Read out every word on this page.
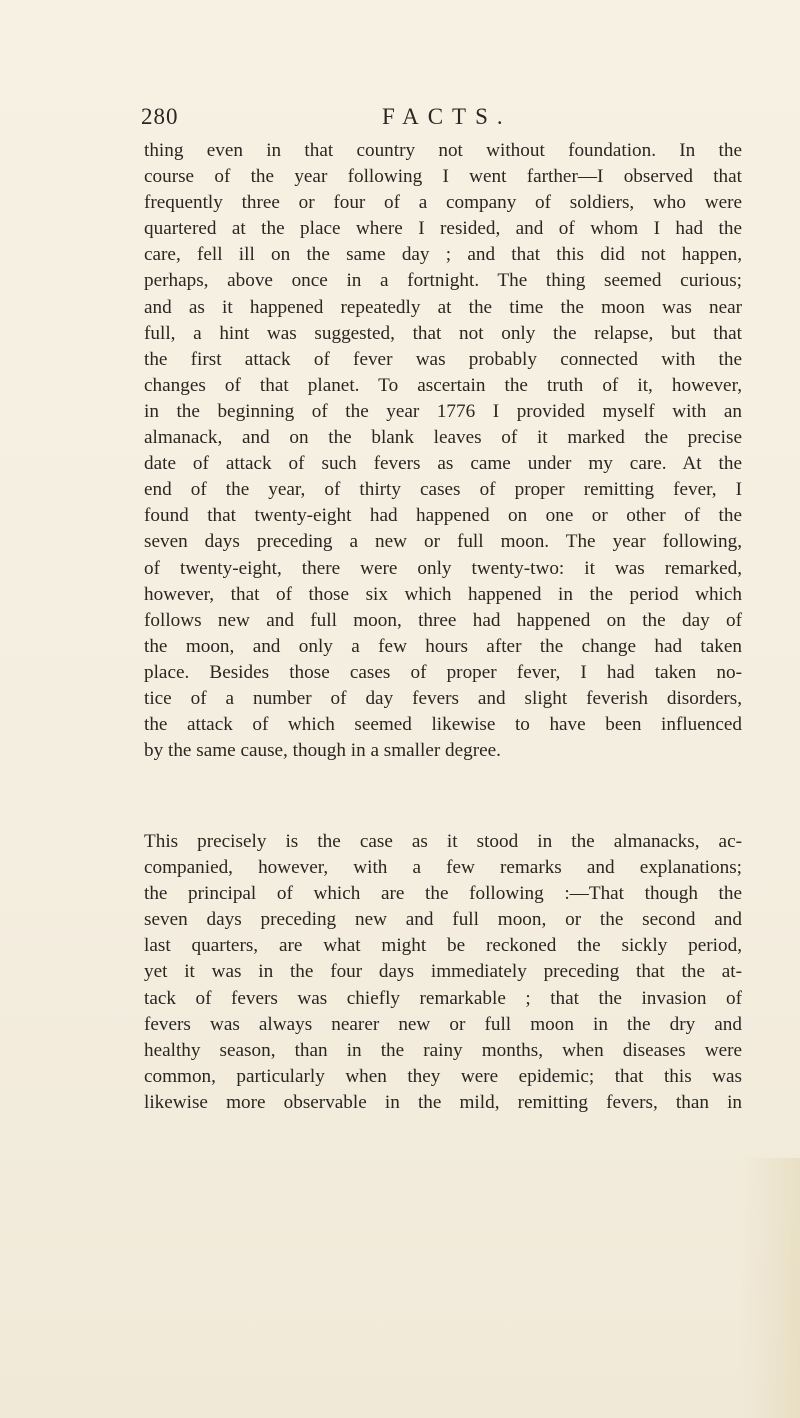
280	FACTS.

thing even in that country not without foundation. In the
course of the year following I went farther—I observed that
frequently three or four of a company of soldiers, who were
quartered at the place where I resided, and of whom I had the
care, fell ill on the same day ; and that this did not happen,
perhaps, above once in a fortnight. The thing seemed curious;
and as it happened repeatedly at the time the moon was near
full, a hint was suggested, that not only the relapse, but that
the first attack of fever was probably connected with the
changes of that planet. To ascertain the truth of it, however,
in the beginning of the year 1776 I provided myself with an
almanack, and on the blank leaves of it marked the precise
date of attack of such fevers as came under my care. At the
end of the year, of thirty cases of proper remitting fever, I
found that twenty-eight had happened on one or other of the
seven days preceding a new or full moon. The year following,
of twenty-eight, there were only twenty-two: it was remarked,
however, that of those six which happened in the period which
follows new and full moon, three had happened on the day of
the moon, and only a few hours after the change had taken
place. Besides those cases of proper fever, I had taken no-
tice of a number of day fevers and slight feverish disorders,
the attack of which seemed likewise to have been influenced
by the same cause, though in a smaller degree.

This precisely is the case as it stood in the almanacks, ac-
companied, however, with a few remarks and explanations;
the principal of which are the following :—That though the
seven days preceding new and full moon, or the second and
last quarters, are what might be reckoned the sickly period,
yet it was in the four days immediately preceding that the at-
tack of fevers was chiefly remarkable ; that the invasion of
fevers was always nearer new or full moon in the dry and
healthy season, than in the rainy months, when diseases were
common, particularly when they were epidemic; that this was
likewise more observable in the mild, remitting fevers, than in
